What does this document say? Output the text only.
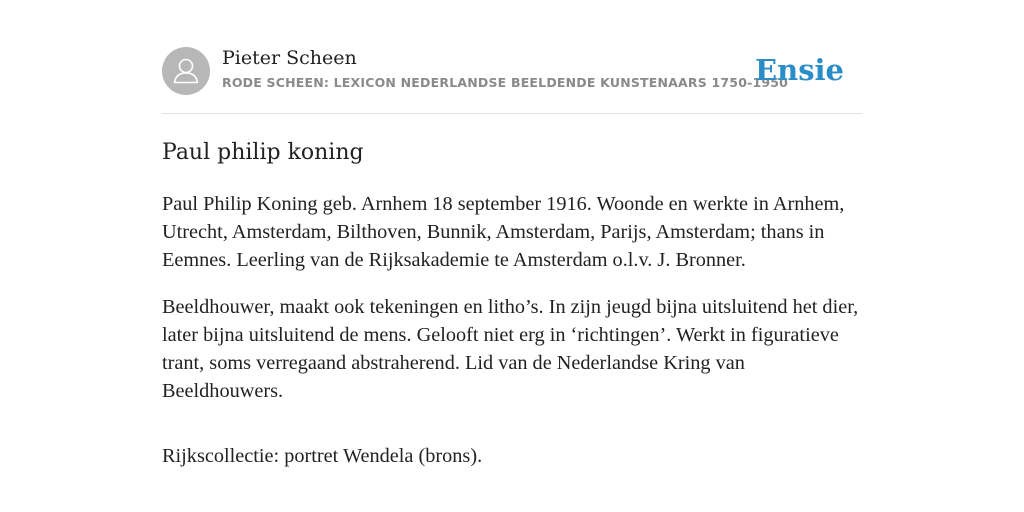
Pieter Scheen
RODE SCHEEN: LEXICON NEDERLANDSE BEELDENDE KUNSTENAARS 1750-1950
Ensie
Paul philip koning

Paul Philip Koning geb. Arnhem 18 september 1916. Woonde en werkte in Arnhem, Utrecht, Amsterdam, Bilthoven, Bunnik, Amsterdam, Parijs, Amsterdam; thans in Eemnes. Leerling van de Rijksakademie te Amsterdam o.l.v. J. Bronner.

Beeldhouwer, maakt ook tekeningen en litho’s. In zijn jeugd bijna uitsluitend het dier, later bijna uitsluitend de mens. Gelooft niet erg in ‘richtingen’. Werkt in figuratieve trant, soms verregaand abstraherend. Lid van de Nederlandse Kring van Beeldhouwers.

Rijkscollectie: portret Wendela (brons).
